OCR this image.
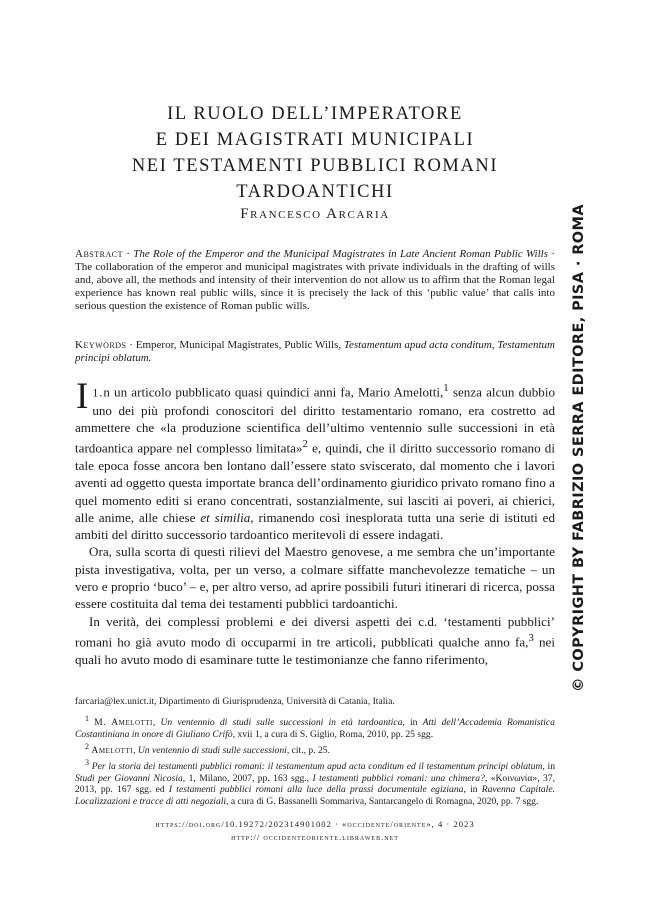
IL RUOLO DELL’IMPERATORE
E DEI MAGISTRATI MUNICIPALI
NEI TESTAMENTI PUBBLICI ROMANI
TARDOANTICHI
Francesco Arcaria
Abstract · The Role of the Emperor and the Municipal Magistrates in Late Ancient Roman Public Wills · The collaboration of the emperor and municipal magistrates with private individuals in the drafting of wills and, above all, the methods and intensity of their intervention do not allow us to affirm that the Roman legal experience has known real public wills, since it is precisely the lack of this ‘public value’ that calls into serious question the existence of Roman public wills.
Keywords · Emperor, Municipal Magistrates, Public Wills, Testamentum apud acta conditum, Testamentum principi oblatum.

1.
I n un articolo pubblicato quasi quindici anni fa, Mario Amelotti,$^1$ senza alcun dubbio uno dei più profondi conoscitori del diritto testamentario romano, era costretto ad ammettere che «la produzione scientifica dell’ultimo ventennio sulle successioni in età tardoantica appare nel complesso limitata»$^2$ e, quindi, che il diritto successorio romano di tale epoca fosse ancora ben lontano dall’essere stato sviscerato, dal momento che i lavori aventi ad oggetto questa importate branca dell’ordinamento giuridico privato romano fino a quel momento editi si erano concentrati, sostanzialmente, sui lasciti ai poveri, ai chierici, alle anime, alle chiese et similia, rimanendo così inesplorata tutta una serie di istituti ed ambiti del diritto successorio tardoantico meritevoli di essere indagati.

Ora, sulla scorta di questi rilievi del Maestro genovese, a me sembra che un’importante pista investigativa, volta, per un verso, a colmare siffatte manchevolezze tematiche – un vero e proprio ‘buco’ – e, per altro verso, ad aprire possibili futuri itinerari di ricerca, possa essere costituita dal tema dei testamenti pubblici tardoantichi.

In verità, dei complessi problemi e dei diversi aspetti dei c.d. ‘testamenti pubblici’ romani ho già avuto modo di occuparmi in tre articoli, pubblicati qualche anno fa,$^3$ nei quali ho avuto modo di esaminare tutte le testimonianze che fanno riferimento,

farcaria@lex.unict.it, Dipartimento di Giurisprudenza, Università di Catania, Italia.

$^1$ M. Amelotti, Un ventennio di studi sulle successioni in età tardoantica, in Atti dell’Accademia Romanistica Costantiniana in onore di Giuliano Crifò, xvii 1, a cura di S. Giglio, Roma, 2010, pp. 25 sgg.

$^2$ Amelotti, Un ventennio di studi sulle successioni, cit., p. 25.

$^3$ Per la storia dei testamenti pubblici romani: il testamentum apud acta conditum ed il testamentum principi oblatum, in Studi per Giovanni Nicosia, 1, Milano, 2007, pp. 163 sgg., I testamenti pubblici romani: una chimera?, «Κοινωνία», 37, 2013, pp. 167 sgg. ed I testamenti pubblici romani alla luce della prassi documentale egiziana, in Ravenna Capitale. Localizzazioni e tracce di atti negoziali, a cura di G. Bassanelli Sommariva, Santarcangelo di Romagna, 2020, pp. 7 sgg.

https://doi.org/10.19272/202314901002 · «occidente/oriente», 4 · 2023
http:// occidenteoriente.libraweb.net
© COPYRIGHT BY FABRIZIO SERRA EDITORE, PISA · ROMA
